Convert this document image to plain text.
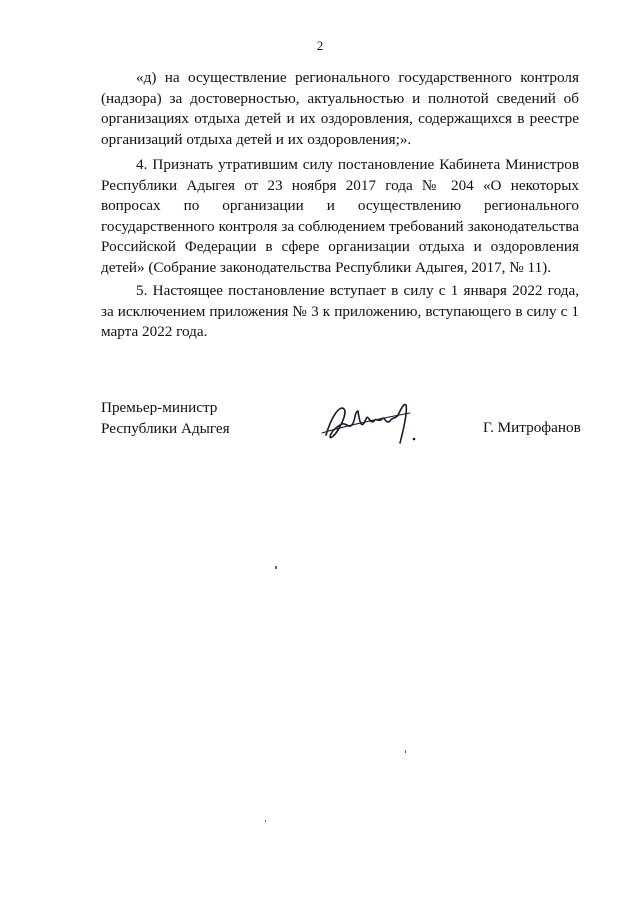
2

«д) на осуществление регионального государственного контроля (надзора) за достоверностью, актуальностью и полнотой сведений об организациях отдыха детей и их оздоровления, содержащихся в реестре организаций отдыха детей и их оздоровления;».

4. Признать утратившим силу постановление Кабинета Министров Республики Адыгея от 23 ноября 2017 года № 204 «О некоторых вопросах по организации и осуществлению регионального государственного контроля за соблюдением требований законодательства Российской Федерации в сфере организации отдыха и оздоровления детей» (Собрание законодательства Республики Адыгея, 2017, № 11).

5. Настоящее постановление вступает в силу с 1 января 2022 года, за исключением приложения № 3 к приложению, вступающего в силу с 1 марта 2022 года.

Премьер-министр
Республики Адыгея	Г. Митрофанов
